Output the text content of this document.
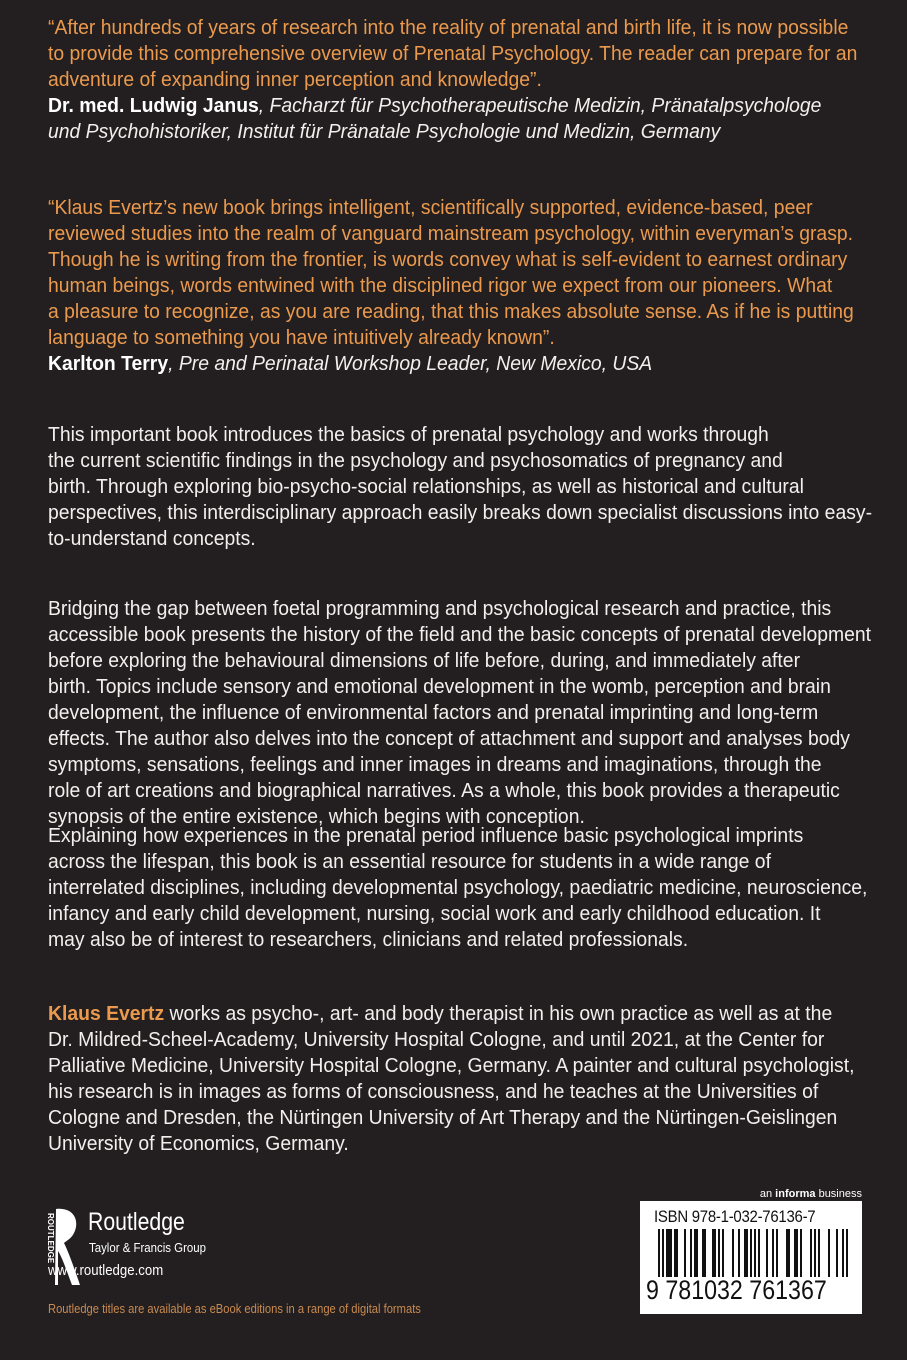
“After hundreds of years of research into the reality of prenatal and birth life, it is now possible
to provide this comprehensive overview of Prenatal Psychology. The reader can prepare for an
adventure of expanding inner perception and knowledge”.
Dr. med. Ludwig Janus, Facharzt für Psychotherapeutische Medizin, Pränatalpsychologe
und Psychohistoriker, Institut für Pränatale Psychologie und Medizin, Germany
“Klaus Evertz’s new book brings intelligent, scientifically supported, evidence-based, peer
reviewed studies into the realm of vanguard mainstream psychology, within everyman’s grasp.
Though he is writing from the frontier, is words convey what is self-evident to earnest ordinary
human beings, words entwined with the disciplined rigor we expect from our pioneers. What
a pleasure to recognize, as you are reading, that this makes absolute sense. As if he is putting
language to something you have intuitively already known”.
Karlton Terry, Pre and Perinatal Workshop Leader, New Mexico, USA
This important book introduces the basics of prenatal psychology and works through
the current scientific findings in the psychology and psychosomatics of pregnancy and
birth. Through exploring bio-psycho-social relationships, as well as historical and cultural
perspectives, this interdisciplinary approach easily breaks down specialist discussions into easy-
to-understand concepts.
Bridging the gap between foetal programming and psychological research and practice, this
accessible book presents the history of the field and the basic concepts of prenatal development
before exploring the behavioural dimensions of life before, during, and immediately after
birth. Topics include sensory and emotional development in the womb, perception and brain
development, the influence of environmental factors and prenatal imprinting and long-term
effects. The author also delves into the concept of attachment and support and analyses body
symptoms, sensations, feelings and inner images in dreams and imaginations, through the
role of art creations and biographical narratives. As a whole, this book provides a therapeutic
synopsis of the entire existence, which begins with conception.
Explaining how experiences in the prenatal period influence basic psychological imprints
across the lifespan, this book is an essential resource for students in a wide range of
interrelated disciplines, including developmental psychology, paediatric medicine, neuroscience,
infancy and early child development, nursing, social work and early childhood education. It
may also be of interest to researchers, clinicians and related professionals.
Klaus Evertz works as psycho-, art- and body therapist in his own practice as well as at the
Dr. Mildred-Scheel-Academy, University Hospital Cologne, and until 2021, at the Center for
Palliative Medicine, University Hospital Cologne, Germany. A painter and cultural psychologist,
his research is in images as forms of consciousness, and he teaches at the Universities of
Cologne and Dresden, the Nürtingen University of Art Therapy and the Nürtingen-Geislingen
University of Economics, Germany.
ROUTLEDGE Routledge
Taylor & Francis Group
www.routledge.com
Routledge titles are available as eBook editions in a range of digital formats
an informa business
ISBN 978-1-032-76136-7
9 781032 761367
